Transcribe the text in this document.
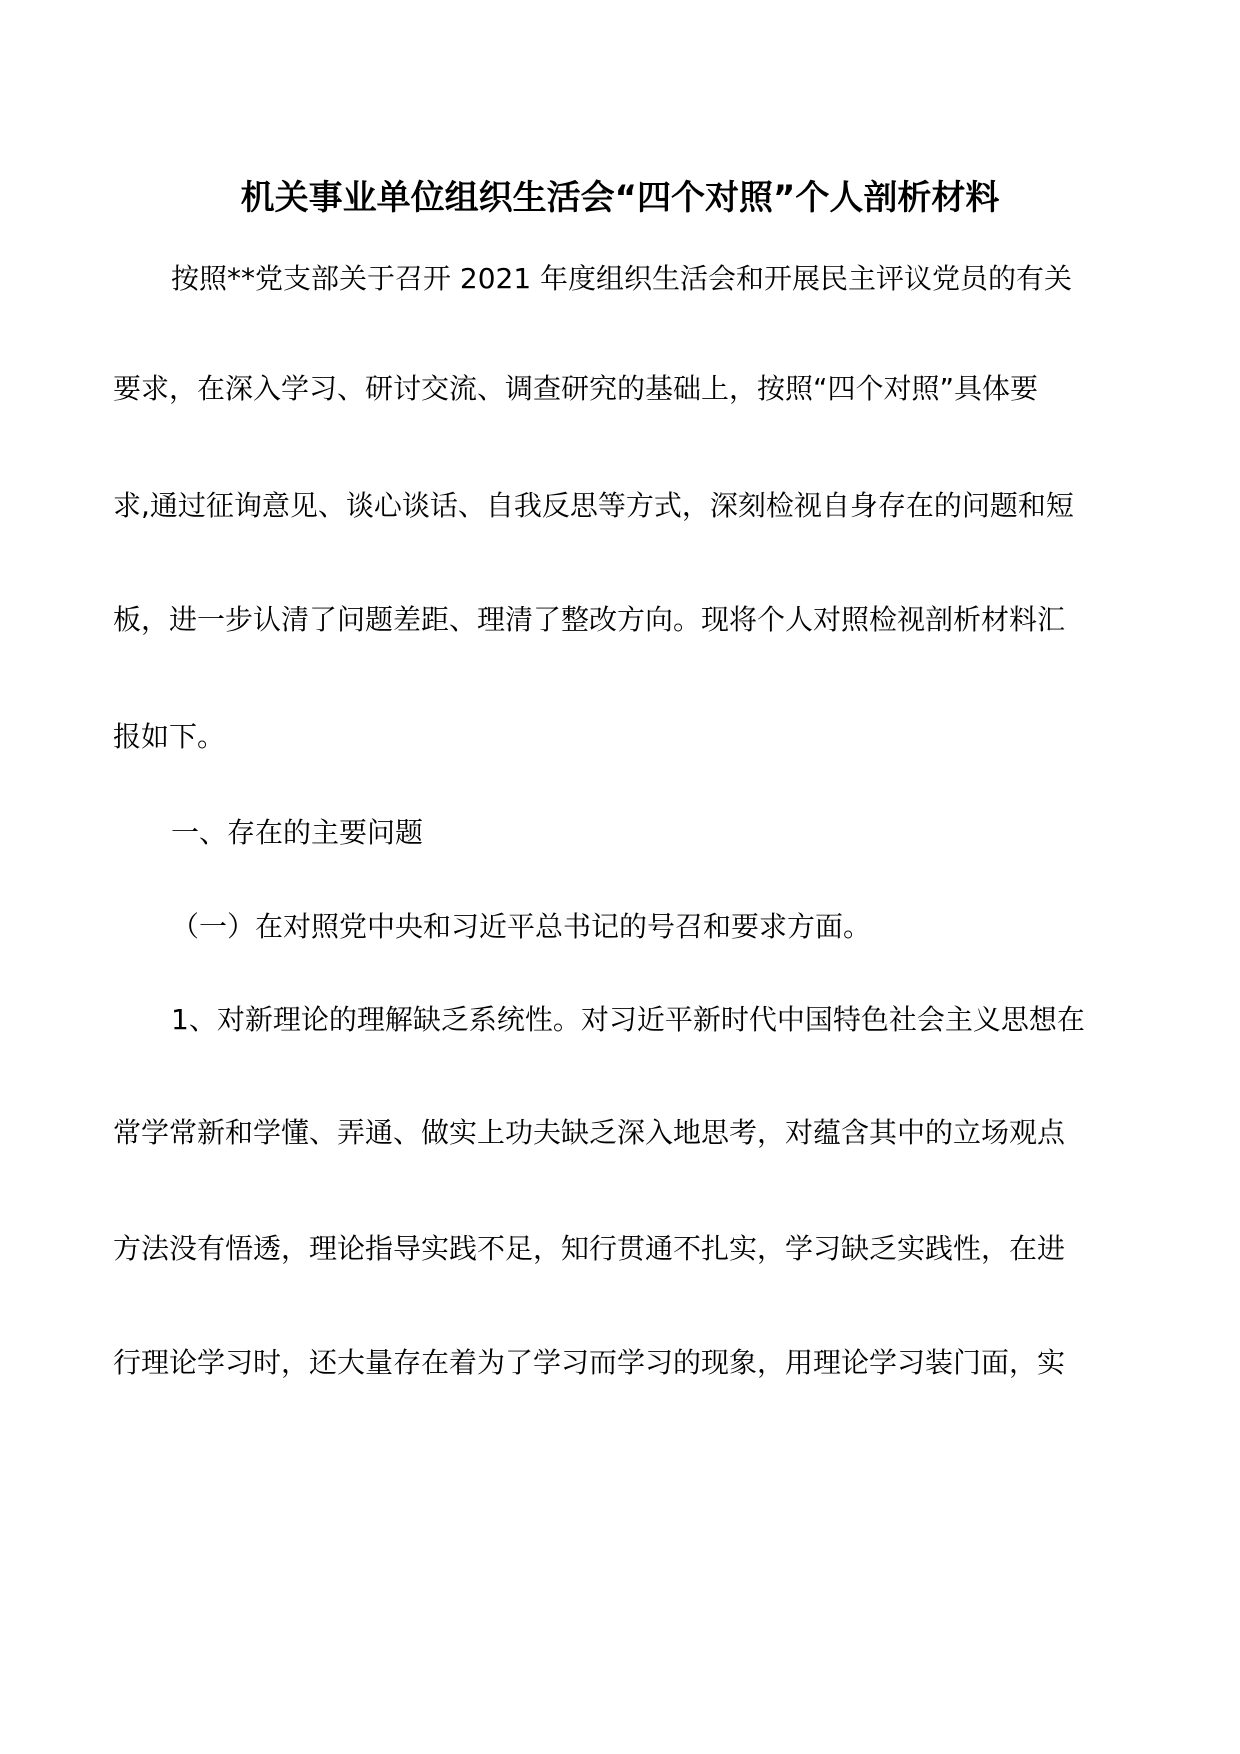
机关事业单位组织生活会“四个对照”个人剖析材料
按照**党支部关于召开 2021 年度组织生活会和开展民主评议党员的有关
要求，在深入学习、研讨交流、调查研究的基础上，按照“四个对照”具体要
求,通过征询意见、谈心谈话、自我反思等方式，深刻检视自身存在的问题和短
板，进一步认清了问题差距、理清了整改方向。现将个人对照检视剖析材料汇
报如下。
一、存在的主要问题
（一）在对照党中央和习近平总书记的号召和要求方面。
1、对新理论的理解缺乏系统性。对习近平新时代中国特色社会主义思想在
常学常新和学懂、弄通、做实上功夫缺乏深入地思考，对蕴含其中的立场观点
方法没有悟透，理论指导实践不足，知行贯通不扎实，学习缺乏实践性，在进
行理论学习时，还大量存在着为了学习而学习的现象，用理论学习装门面，实
